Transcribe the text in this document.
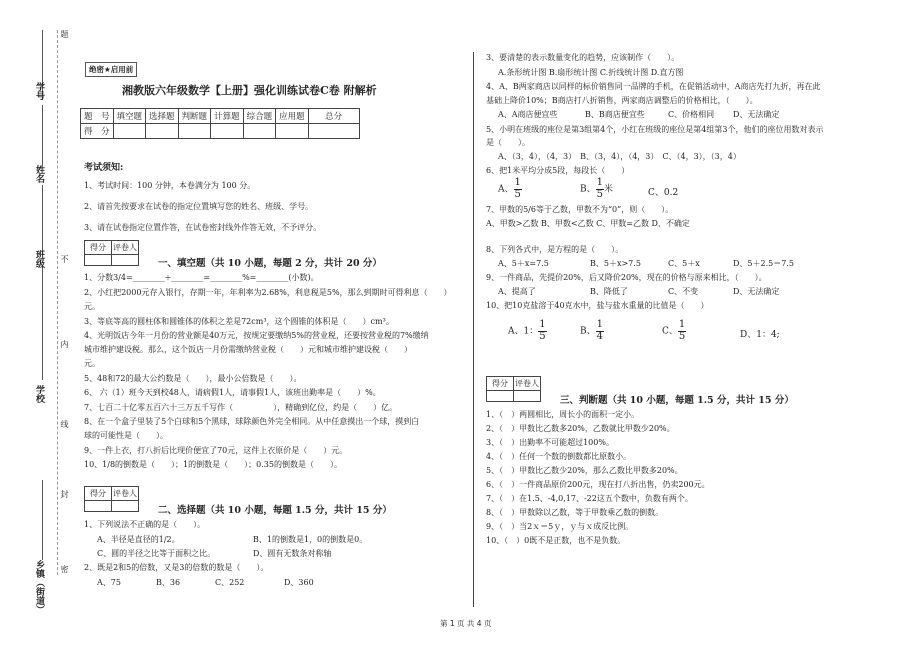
学号
姓名
班级
学校
乡镇（街道）
题
不
内
线
封
密
绝密★启用前
湘教版六年级数学【上册】强化训练试卷C卷 附解析
题　号	填空题	选择题	判断题	计算题	综合题	应用题	总分
得　分							
考试须知:
1、考试时间：100 分钟，本卷满分为 100 分。
2、请首先按要求在试卷的指定位置填写您的姓名、班级、学号。
3、请在试卷指定位置作答，在试卷密封线外作答无效，不予评分。
得分	评卷人

一、填空题（共 10 小题，每题 2 分，共计 20 分）
1、分数3/4=________÷________=________%=________(小数)。
2、小红把2000元存入银行，存期一年，年利率为2.68%，利息税是5%，那么到期时可得利息（　　）
元。
3、等底等高的圆柱体和圆锥体的体积之差是72cm³，这个圆锥的体积是（　　）cm³。
4、光明饭店今年一月份的营业额是40万元，按规定要缴纳5%的营业税，还要按营业税的7%缴纳
城市维护建设税。那么，这个饭店一月份需缴纳营业税（　　）元和城市维护建设税（　　）
元。
5、48和72的最大公约数是（　　），最小公倍数是（　　）。
6、 六（1）班今天到校48人，请病假1人，请事假1人，该班出勤率是（　　）%。
7、七百二十亿零五百六十三万五千写作（　　　　　），精确到亿位，约是（　　）亿。
8、在一个盒子里装了5个白球和5个黑球，球除颜色外完全相同。从中任意摸出一个球，摸到白
球的可能性是（　　）。
9、一件上衣，打八折后比现价便宜了70元，这件上衣原价是（　　）元。
10、1/8的倒数是（　　）；1的倒数是（　　）；0.35的倒数是（　　）。
得分	评卷人

二、选择题（共 10 小题，每题 1.5 分，共计 15 分）
1、下列说法不正确的是（　　）。
A、半径是直径的1/2。	B、1的倒数是1，0的倒数是0。
C、圆的半径之比等于面积之比。	D、圆有无数条对称轴
2、既是2和5的倍数，又是3的倍数的数是（　　）。
A、75	B、36	C、252	D、360
3、要清楚的表示数量变化的趋势，应该制作（　　）。
A.条形统计图 B.扇形统计图 C.折线统计图 D.直方图
4、A、B两家商店以同样的标价销售同一品牌的手机，在促销活动中，A商店先打九折，再在此
基础上降价10%；B商店打八折销售，两家商店调整后的价格相比，（　　）。
A、A商店便宜些	B、B商店便宜些	C、价格相同 D、无法确定
5、小明在班级的座位是第3组第4个，小红在班级的座位是第4组第3个，他们的座位用数对表示
是（　　）。
A、（3，4），（4，3）　B、（3，4），（4，3）　C、（4，3），（3，4）
6、把1米平均分成5段，每段长（　　）
A、 $\frac{1}{5}$	B、 $\frac{1}{5}$ 米	C、0.2
7、甲数的5/6等于乙数，甲数不为“0”，则（　　）。
A、甲数>乙数 B、甲数<乙数 C、甲数=乙数 D、不确定
8、下列各式中，是方程的是（　　）。
A、5＋x=7.5	B、5＋x>7.5	C、5＋x	D、5＋2.5＝7.5
9、一件商品，先提价20%，后又降价20%，现在的价格与原来相比，（　　）。
A、提高了	B、降低了	C、不变	D、无法确定
10、把10克盐溶于40克水中，盐与盐水重量的比值是（　　）
A、1： $\frac{1}{5}$	B、 $\frac{1}{4}$	C、 $\frac{1}{5}$	D、1：4;
得分	评卷人

三、判断题（共 10 小题，每题 1.5 分，共计 15 分）
1、（　）两圆相比，周长小的面积一定小。
2、（　）甲数比乙数多20%，乙数就比甲数少20%。
3、（　）出勤率不可能超过100%。
4、（　）任何一个数的倒数都比原数小。
5、（　）甲数比乙数少20%，那么乙数比甲数多20%。
6、（　）一件商品原价200元，现在打八折出售，仍卖200元。
7、（　）在1.5、-4,0,17、-22这五个数中，负数有两个。
8、（　）甲数除以乙数，等于甲数乘乙数的倒数。
9、（　）当2ｘ＝5ｙ，ｙ与ｘ成反比例。
10、（　）0既不是正数，也不是负数。
第 1 页 共 4 页
